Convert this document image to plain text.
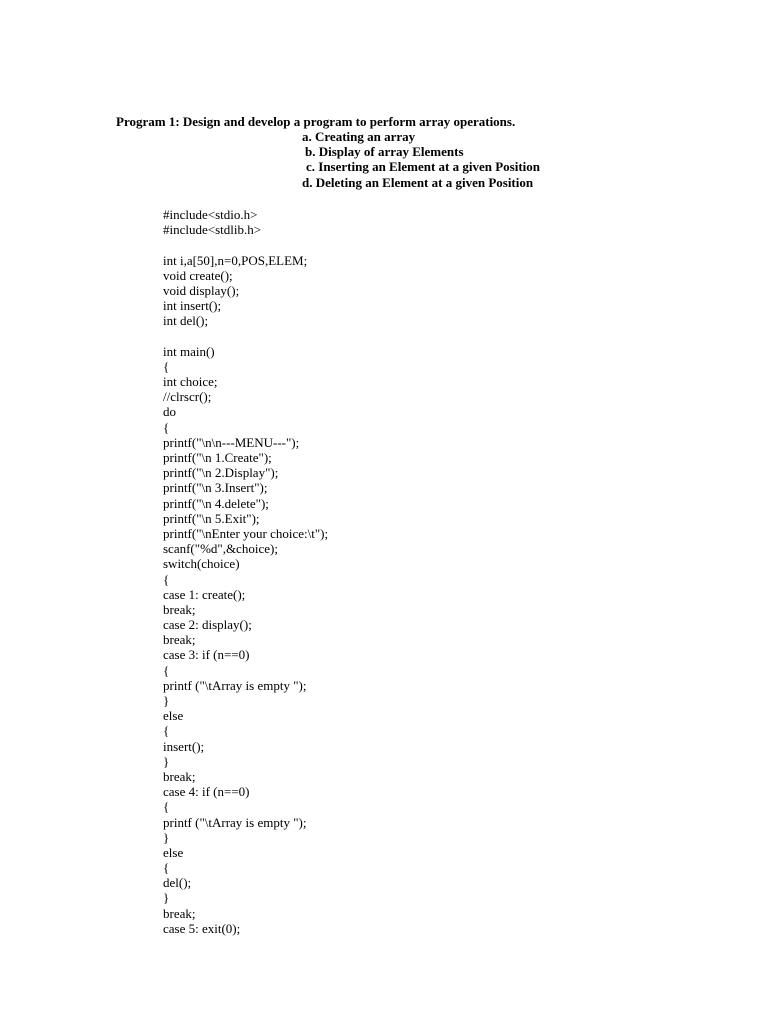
Program 1: Design and develop a program to perform array operations.
a. Creating an array
b. Display of array Elements
c. Inserting an Element at a given Position
d. Deleting an Element at a given Position
#include<stdio.h>
#include<stdlib.h>
int i,a[50],n=0,POS,ELEM;
void create();
void display();
int insert();
int del();
int main()
{
int choice;
//clrscr();
do
{
printf("\n\n---MENU---");
printf("\n 1.Create");
printf("\n 2.Display");
printf("\n 3.Insert");
printf("\n 4.delete");
printf("\n 5.Exit");
printf("\nEnter your choice:\t");
scanf("%d",&choice);
switch(choice)
{
case 1: create();
break;
case 2: display();
break;
case 3: if (n==0)
{
printf ("\tArray is empty ");
}
else
{
insert();
}
break;
case 4: if (n==0)
{
printf ("\tArray is empty ");
}
else
{
del();
}
break;
case 5: exit(0);
